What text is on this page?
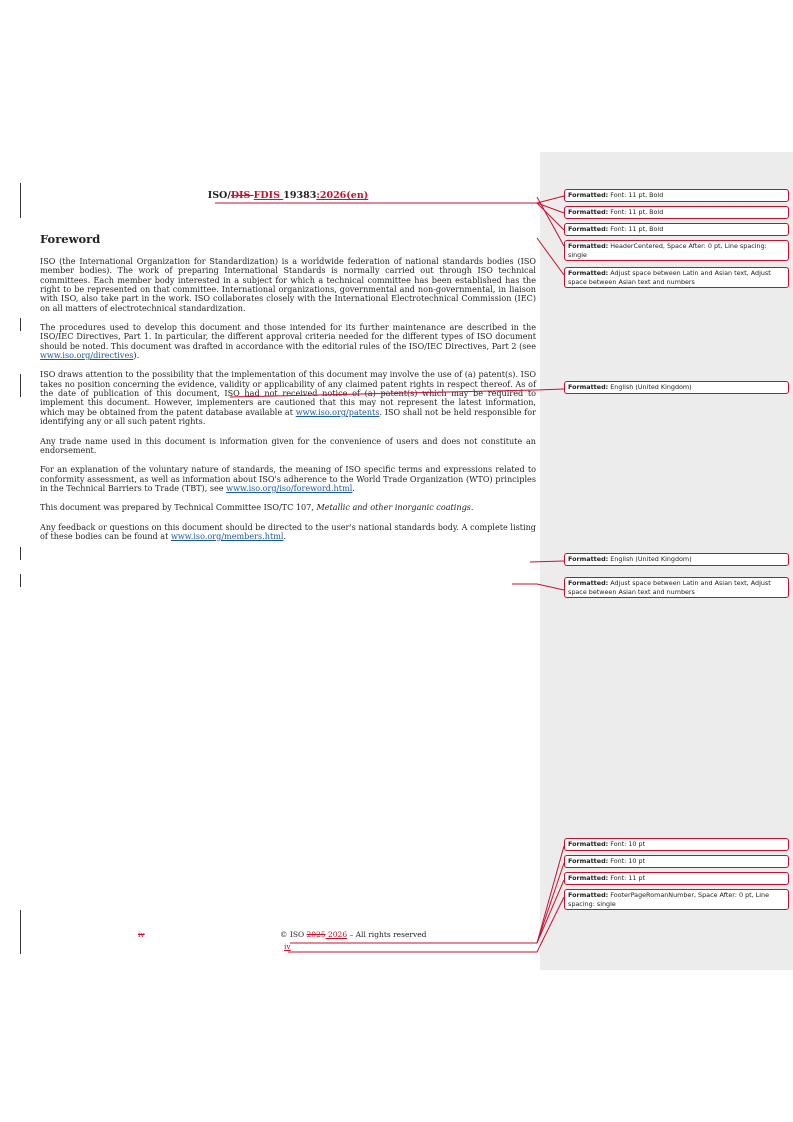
ISO/DIS FDIS 19383:2026(en)
Foreword

ISO (the International Organization for Standardization) is a worldwide federation of national standards bodies (ISO member bodies). The work of preparing International Standards is normally carried out through ISO technical committees. Each member body interested in a subject for which a technical committee has been established has the right to be represented on that committee. International organizations, governmental and non-governmental, in liaison with ISO, also take part in the work. ISO collaborates closely with the International Electrotechnical Commission (IEC) on all matters of electrotechnical standardization.

The procedures used to develop this document and those intended for its further maintenance are described in the ISO/IEC Directives, Part 1. In particular, the different approval criteria needed for the different types of ISO document should be noted. This document was drafted in accordance with the editorial rules of the ISO/IEC Directives, Part 2 (see www.iso.org/directives).

ISO draws attention to the possibility that the implementation of this document may involve the use of (a) patent(s). ISO takes no position concerning the evidence, validity or applicability of any claimed patent rights in respect thereof. As of the date of publication of this document, ISO had not received notice of (a) patent(s) which may be required to implement this document. However, implementers are cautioned that this may not represent the latest information, which may be obtained from the patent database available at www.iso.org/patents. ISO shall not be held responsible for identifying any or all such patent rights.

Any trade name used in this document is information given for the convenience of users and does not constitute an endorsement.

For an explanation of the voluntary nature of standards, the meaning of ISO specific terms and expressions related to conformity assessment, as well as information about ISO's adherence to the World Trade Organization (WTO) principles in the Technical Barriers to Trade (TBT), see www.iso.org/iso/foreword.html.

This document was prepared by Technical Committee ISO/TC 107, Metallic and other inorganic coatings.

Any feedback or questions on this document should be directed to the user's national standards body. A complete listing of these bodies can be found at www.iso.org/members.html.

iv	© ISO 2025 2026 – All rights reserved
iv
Formatted: Font: 11 pt, Bold
Formatted: Font: 11 pt, Bold
Formatted: Font: 11 pt, Bold
Formatted: HeaderCentered, Space After: 0 pt, Line spacing: single
Formatted: Adjust space between Latin and Asian text, Adjust space between Asian text and numbers
Formatted: English (United Kingdom)
Formatted: English (United Kingdom)
Formatted: Adjust space between Latin and Asian text, Adjust space between Asian text and numbers
Formatted: Font: 10 pt
Formatted: Font: 10 pt
Formatted: Font: 11 pt
Formatted: FooterPageRomanNumber, Space After: 0 pt, Line spacing: single
